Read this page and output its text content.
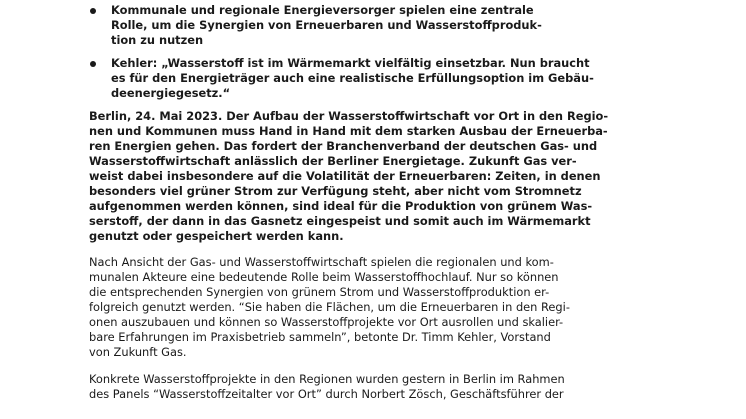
Kommunale und regionale Energieversorger spielen eine zentrale
Rolle, um die Synergien von Erneuerbaren und Wasserstoffproduk-
tion zu nutzen
Kehler: „Wasserstoff ist im Wärmemarkt vielfältig einsetzbar. Nun braucht
es für den Energieträger auch eine realistische Erfüllungsoption im Gebäu-
deenergiegesetz.“

Berlin, 24. Mai 2023. Der Aufbau der Wasserstoffwirtschaft vor Ort in den Regio-
nen und Kommunen muss Hand in Hand mit dem starken Ausbau der Erneuerba-
ren Energien gehen. Das fordert der Branchenverband der deutschen Gas- und
Wasserstoffwirtschaft anlässlich der Berliner Energietage. Zukunft Gas ver-
weist dabei insbesondere auf die Volatilität der Erneuerbaren: Zeiten, in denen
besonders viel grüner Strom zur Verfügung steht, aber nicht vom Stromnetz
aufgenommen werden können, sind ideal für die Produktion von grünem Was-
serstoff, der dann in das Gasnetz eingespeist und somit auch im Wärmemarkt
genutzt oder gespeichert werden kann.

Nach Ansicht der Gas- und Wasserstoffwirtschaft spielen die regionalen und kom-
munalen Akteure eine bedeutende Rolle beim Wasserstoffhochlauf. Nur so können
die entsprechenden Synergien von grünem Strom und Wasserstoffproduktion er-
folgreich genutzt werden. “Sie haben die Flächen, um die Erneuerbaren in den Regi-
onen auszubauen und können so Wasserstoffprojekte vor Ort ausrollen und skalier-
bare Erfahrungen im Praxisbetrieb sammeln”, betonte Dr. Timm Kehler, Vorstand
von Zukunft Gas.

Konkrete Wasserstoffprojekte in den Regionen wurden gestern in Berlin im Rahmen
des Panels “Wasserstoffzeitalter vor Ort” durch Norbert Zösch, Geschäftsführer der
